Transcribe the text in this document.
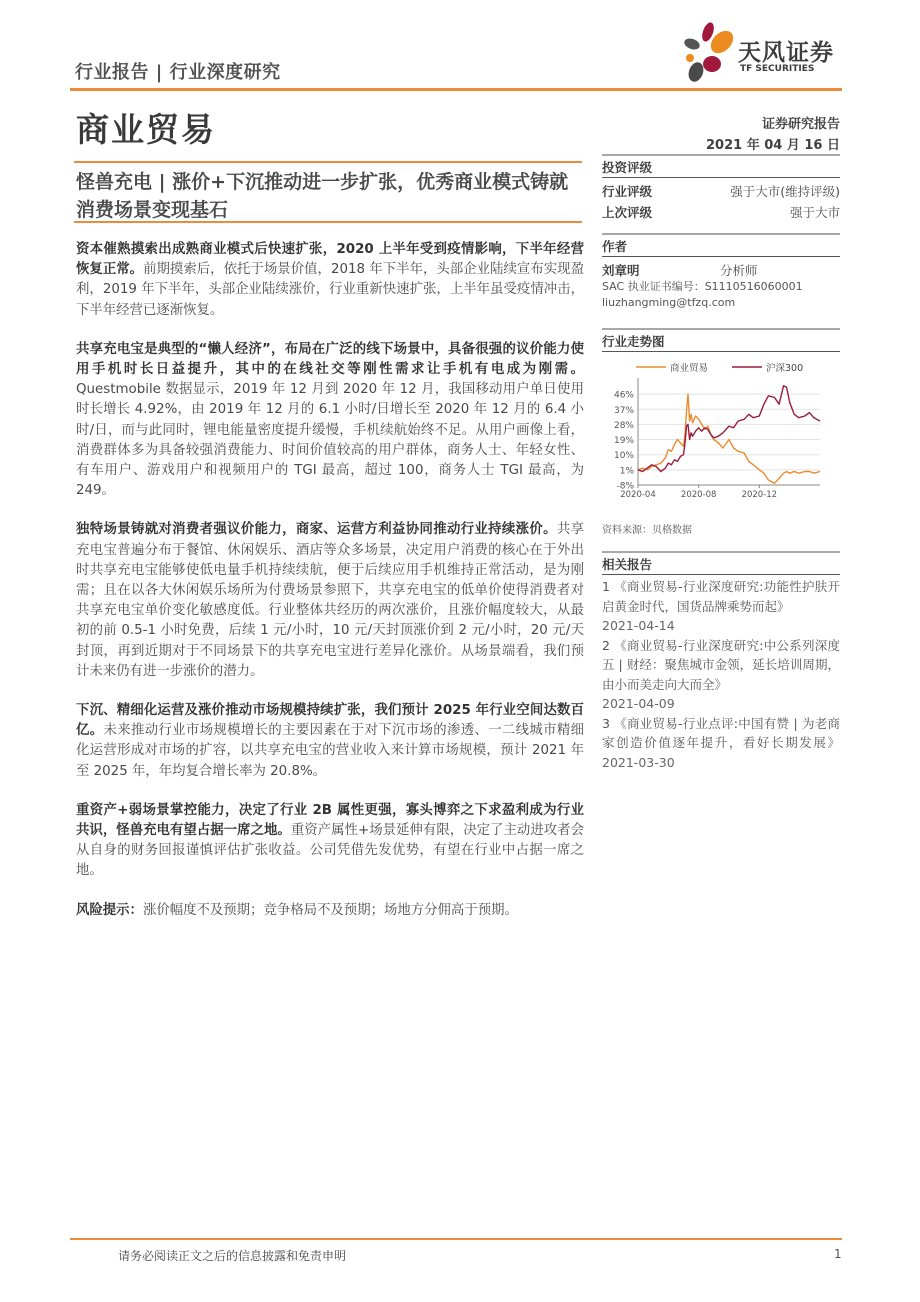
行业报告 | 行业深度研究
天风证券
TF SECURITIES
商业贸易	证券研究报告
2021 年 04 月 16 日
怪兽充电 | 涨价+下沉推动进一步扩张，优秀商业模式铸就消费场景变现基石

资本催熟摸索出成熟商业模式后快速扩张，2020 上半年受到疫情影响，下半年经营恢复正常。前期摸索后，依托于场景价值，2018 年下半年，头部企业陆续宣布实现盈利，2019 年下半年，头部企业陆续涨价，行业重新快速扩张，上半年虽受疫情冲击，下半年经营已逐渐恢复。

共享充电宝是典型的“懒人经济”，布局在广泛的线下场景中，具备很强的议价能力使用手机时长日益提升，其中的在线社交等刚性需求让手机有电成为刚需。Questmobile 数据显示，2019 年 12 月到 2020 年 12 月，我国移动用户单日使用时长增长 4.92%，由 2019 年 12 月的 6.1 小时/日增长至 2020 年 12 月的 6.4 小时/日，而与此同时，锂电能量密度提升缓慢，手机续航始终不足。从用户画像上看，消费群体多为具备较强消费能力、时间价值较高的用户群体，商务人士、年轻女性、有车用户、游戏用户和视频用户的 TGI 最高，超过 100，商务人士 TGI 最高，为 249。

独特场景铸就对消费者强议价能力，商家、运营方利益协同推动行业持续涨价。共享充电宝普遍分布于餐馆、休闲娱乐、酒店等众多场景，决定用户消费的核心在于外出时共享充电宝能够使低电量手机持续续航，便于后续应用手机维持正常活动，是为刚需；且在以各大休闲娱乐场所为付费场景参照下，共享充电宝的低单价使得消费者对共享充电宝单价变化敏感度低。行业整体共经历的两次涨价，且涨价幅度较大，从最初的前 0.5-1 小时免费，后续 1 元/小时，10 元/天封顶涨价到 2 元/小时，20 元/天封顶，再到近期对于不同场景下的共享充电宝进行差异化涨价。从场景端看，我们预计未来仍有进一步涨价的潜力。

下沉、精细化运营及涨价推动市场规模持续扩张，我们预计 2025 年行业空间达数百亿。未来推动行业市场规模增长的主要因素在于对下沉市场的渗透、一二线城市精细化运营形成对市场的扩容，以共享充电宝的营业收入来计算市场规模，预计 2021 年至 2025 年，年均复合增长率为 20.8%。

重资产+弱场景掌控能力，决定了行业 2B 属性更强，寡头博弈之下求盈利成为行业共识，怪兽充电有望占据一席之地。重资产属性+场景延伸有限，决定了主动进攻者会从自身的财务回报谨慎评估扩张收益。公司凭借先发优势，有望在行业中占据一席之地。

风险提示：涨价幅度不及预期；竞争格局不及预期；场地方分佣高于预期。

投资评级
行业评级	强于大市(维持评级)
上次评级	强于大市
作者
刘章明	分析师
SAC 执业证书编号：S1110516060001
liuzhangming@tfzq.com
行业走势图
商业贸易	沪深300
46%
37%
28%
19%
10%
1%
-8%
2020-04	2020-08	2020-12
资料来源：贝格数据
相关报告
1 《商业贸易-行业深度研究:功能性护肤开启黄金时代，国货品牌乘势而起》
2021-04-14
2 《商业贸易-行业深度研究:中公系列深度五 | 财经：聚焦城市金领，延长培训周期，由小而美走向大而全》
2021-04-09
3 《商业贸易-行业点评:中国有赞 | 为老商家创造价值逐年提升，看好长期发展》 2021-03-30
请务必阅读正文之后的信息披露和免责申明	1
